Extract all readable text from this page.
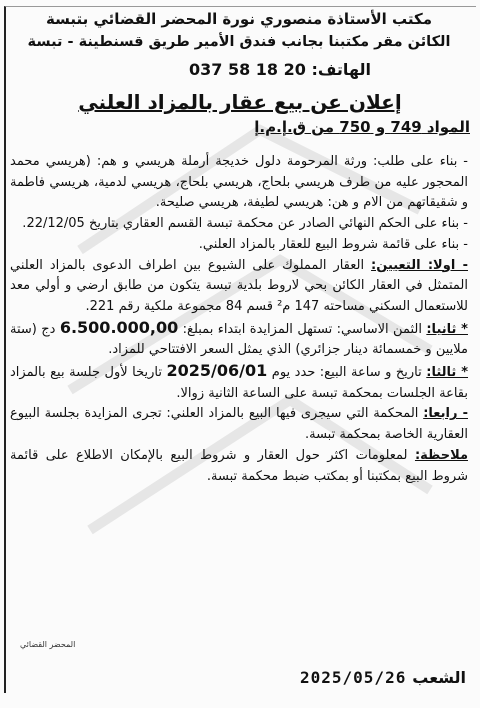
مكتب الأستاذة منصوري نورة المحضر القضائي بتبسة
الكائن مقر مكتبنا بجانب فندق الأمير طريق قسنطينة - تبسة
الهاتف: 037 58 18 20
إعلان عن بيع عقار بالمزاد العلني
المواد 749 و 750 من ق.إ.م.إ

- بناء على طلب: ورثة المرحومة دلول خديجة أرملة هريسي و هم: (هريسي محمد المحجور عليه من طرف هريسي بلحاج، هريسي بلحاج، هريسي لدمية، هريسي فاطمة و شقيقاتهم من الام و هن: هريسي لطيفة، هريسي صليحة.

- بناء على الحكم النهائي الصادر عن محكمة تبسة القسم العقاري بتاريخ 22/12/05.

- بناء على قائمة شروط البيع للعقار بالمزاد العلني.

- اولا: التعيين: العقار المملوك على الشيوع بين اطراف الدعوى بالمزاد العلني المتمثل في العقار الكائن بحي لاروط بلدية تبسة يتكون من طابق ارضي و أولي معد للاستعمال السكني مساحته 147 م² قسم 84 مجموعة ملكية رقم 221.

* ثانيا: الثمن الاساسي: تستهل المزايدة ابتداء بمبلغ: 6.500.000,00 دج (ستة ملايين و خمسمائة دينار جزائري) الذي يمثل السعر الافتتاحي للمزاد.

* ثالثا: تاريخ و ساعة البيع: حدد يوم 2025/06/01 تاريخا لأول جلسة بيع بالمزاد بقاعة الجلسات بمحكمة تبسة على الساعة الثانية زوالا.

- رابعا: المحكمة التي سيجرى فيها البيع بالمزاد العلني: تجرى المزايدة بجلسة البيوع العقارية الخاصة بمحكمة تبسة.

ملاحظة: لمعلومات اكثر حول العقار و شروط البيع بالإمكان الاطلاع على قائمة شروط البيع بمكتبنا أو بمكتب ضبط محكمة تبسة.

المحضر القضائي
الشعب
2025/05/26
